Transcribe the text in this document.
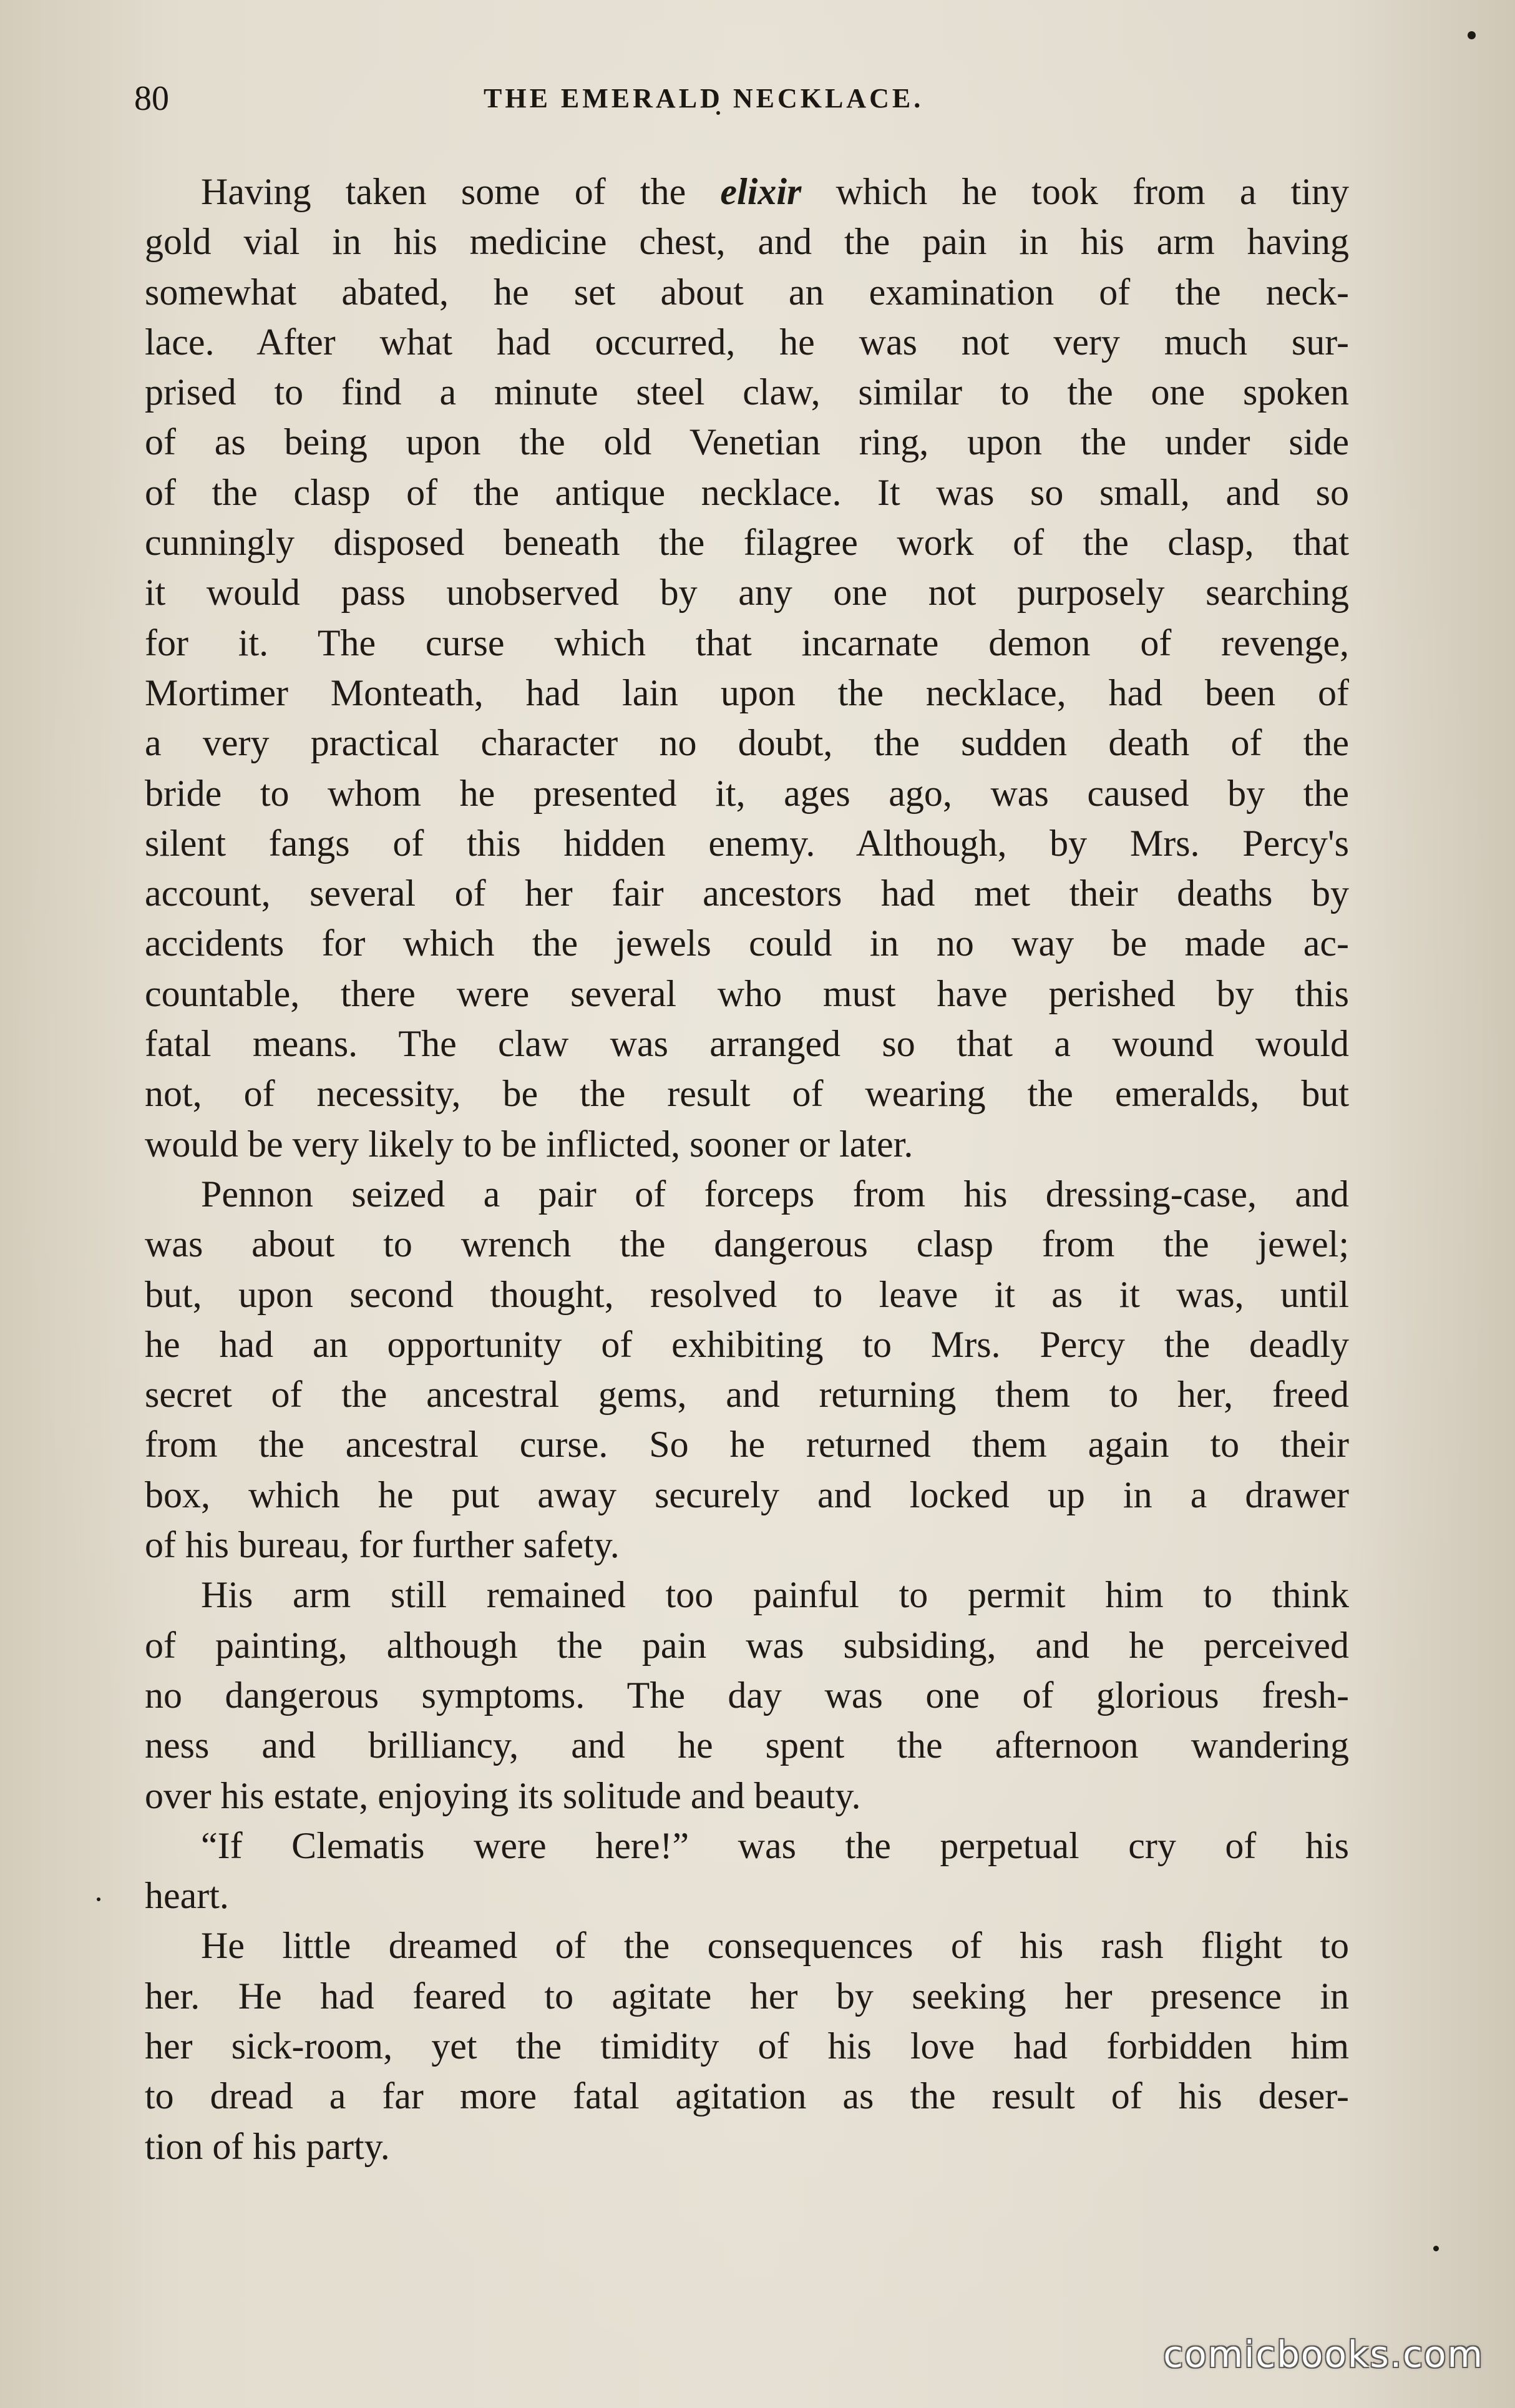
80	THE EMERALD NECKLACE.
Having taken some of the elixir which he took from a tiny
gold vial in his medicine chest, and the pain in his arm having
somewhat abated, he set about an examination of the neck-
lace. After what had occurred, he was not very much sur-
prised to find a minute steel claw, similar to the one spoken
of as being upon the old Venetian ring, upon the under side
of the clasp of the antique necklace. It was so small, and so
cunningly disposed beneath the filagree work of the clasp, that
it would pass unobserved by any one not purposely searching
for it. The curse which that incarnate demon of revenge,
Mortimer Monteath, had lain upon the necklace, had been of
a very practical character no doubt, the sudden death of the
bride to whom he presented it, ages ago, was caused by the
silent fangs of this hidden enemy. Although, by Mrs. Percy's
account, several of her fair ancestors had met their deaths by
accidents for which the jewels could in no way be made ac-
countable, there were several who must have perished by this
fatal means. The claw was arranged so that a wound would
not, of necessity, be the result of wearing the emeralds, but
would be very likely to be inflicted, sooner or later.
Pennon seized a pair of forceps from his dressing-case, and
was about to wrench the dangerous clasp from the jewel;
but, upon second thought, resolved to leave it as it was, until
he had an opportunity of exhibiting to Mrs. Percy the deadly
secret of the ancestral gems, and returning them to her, freed
from the ancestral curse. So he returned them again to their
box, which he put away securely and locked up in a drawer
of his bureau, for further safety.
His arm still remained too painful to permit him to think
of painting, although the pain was subsiding, and he perceived
no dangerous symptoms. The day was one of glorious fresh-
ness and brilliancy, and he spent the afternoon wandering
over his estate, enjoying its solitude and beauty.
“If Clematis were here!” was the perpetual cry of his
heart.
He little dreamed of the consequences of his rash flight to
her. He had feared to agitate her by seeking her presence in
her sick-room, yet the timidity of his love had forbidden him
to dread a far more fatal agitation as the result of his deser-
tion of his party.
comicbooks.com
